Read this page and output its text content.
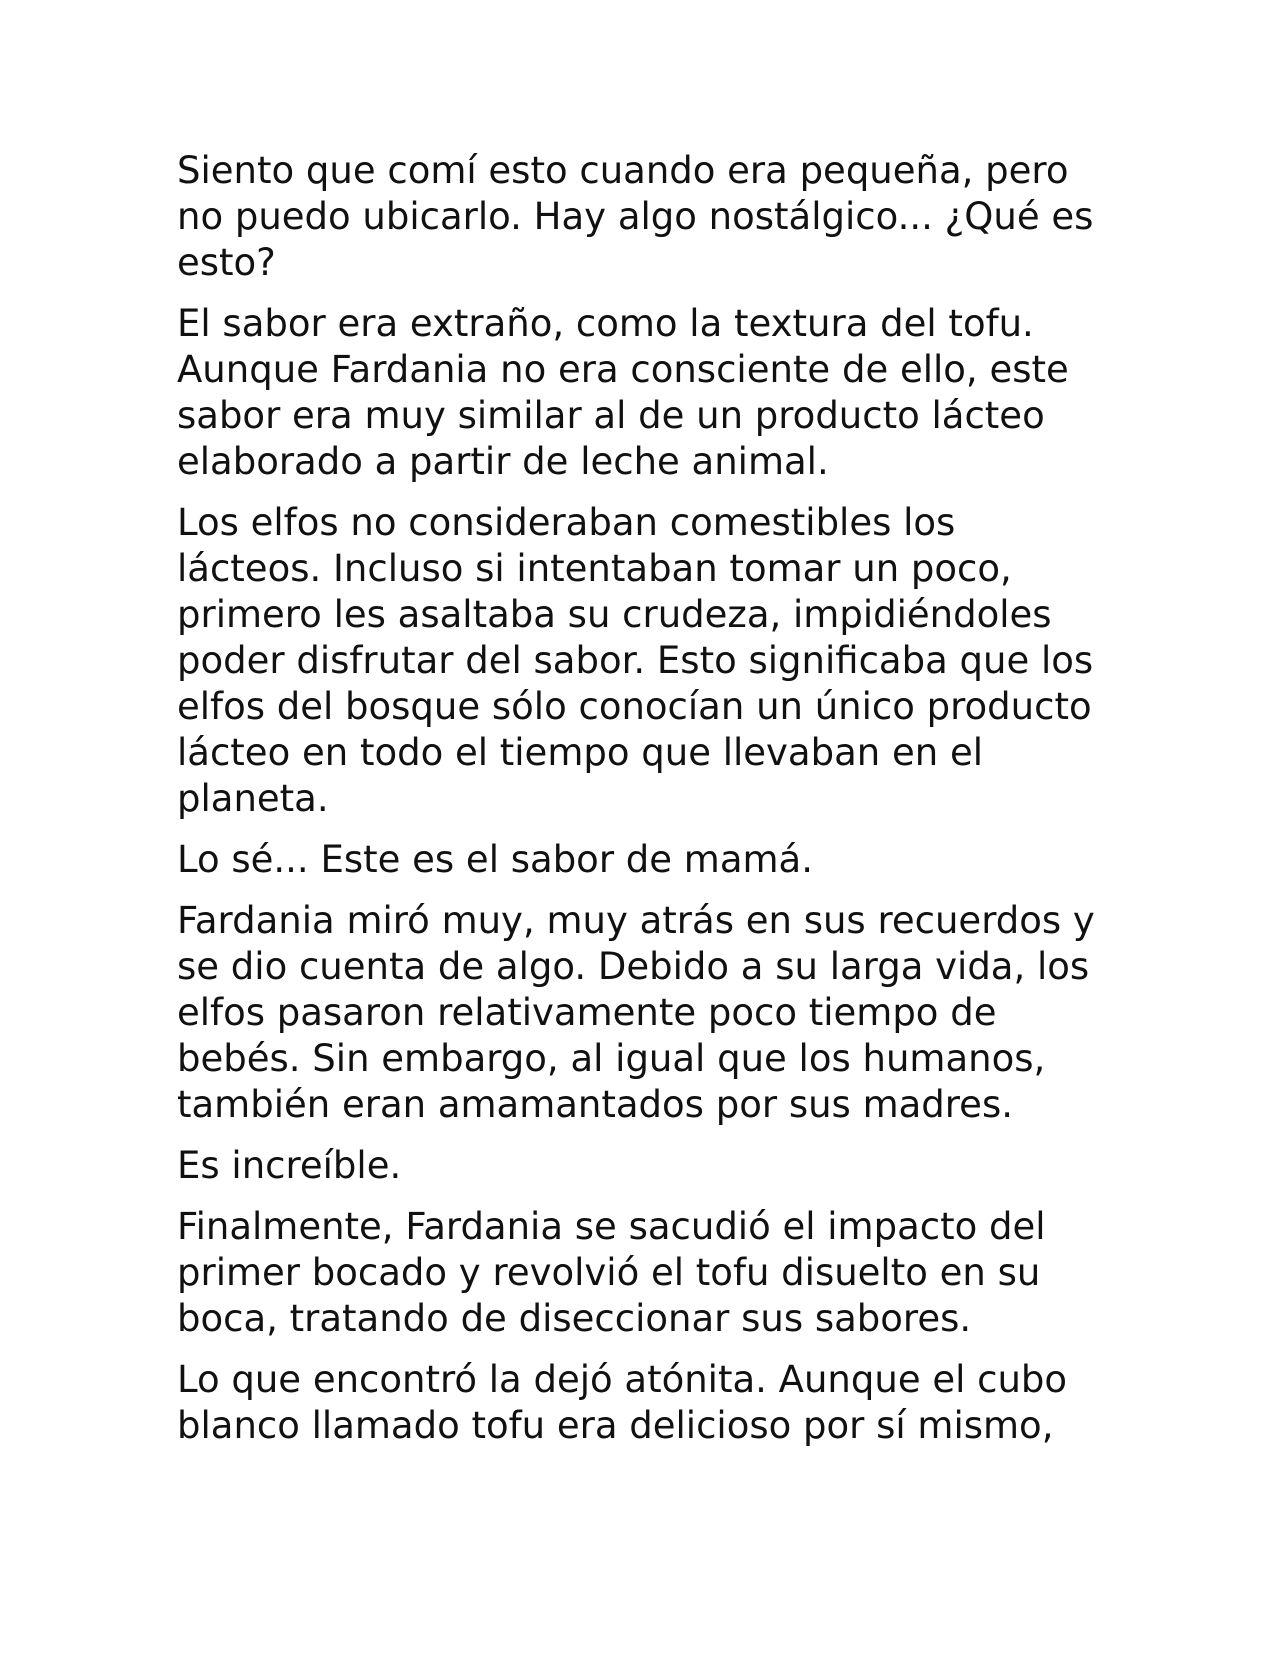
Siento que comí esto cuando era pequeña, pero no puedo ubicarlo. Hay algo nostálgico... ¿Qué es esto?

El sabor era extraño, como la textura del tofu. Aunque Fardania no era consciente de ello, este sabor era muy similar al de un producto lácteo elaborado a partir de leche animal.

Los elfos no consideraban comestibles los lácteos. Incluso si intentaban tomar un poco, primero les asaltaba su crudeza, impidiéndoles poder disfrutar del sabor. Esto significaba que los elfos del bosque sólo conocían un único producto lácteo en todo el tiempo que llevaban en el planeta.

Lo sé... Este es el sabor de mamá.

Fardania miró muy, muy atrás en sus recuerdos y se dio cuenta de algo. Debido a su larga vida, los elfos pasaron relativamente poco tiempo de bebés. Sin embargo, al igual que los humanos, también eran amamantados por sus madres.

Es increíble.

Finalmente, Fardania se sacudió el impacto del primer bocado y revolvió el tofu disuelto en su boca, tratando de diseccionar sus sabores.

Lo que encontró la dejó atónita. Aunque el cubo blanco llamado tofu era delicioso por sí mismo,
